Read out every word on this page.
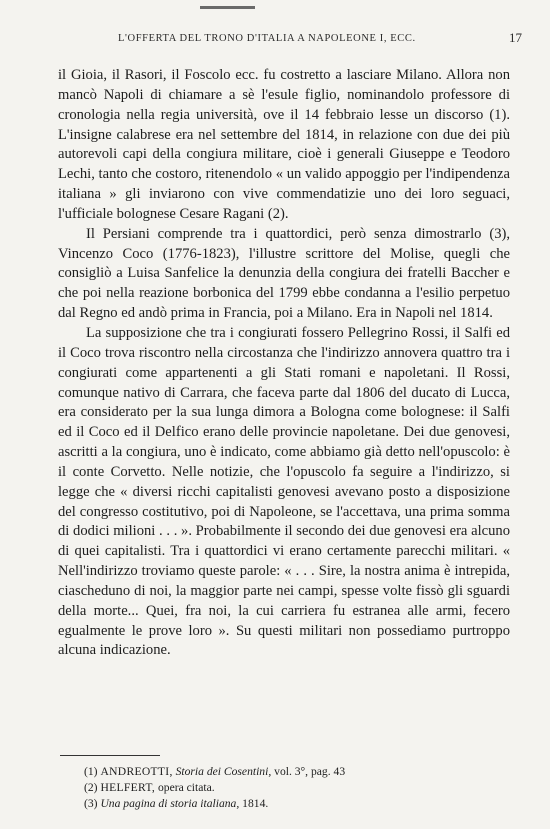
L'OFFERTA DEL TRONO D'ITALIA A NAPOLEONE I, ECC.	17

il Gioia, il Rasori, il Foscolo ecc. fu costretto a lasciare Milano. Allora non mancò Napoli di chiamare a sè l'esule figlio, nominandolo professore di cronologia nella regia università, ove il 14 febbraio lesse un discorso (1). L'insigne calabrese era nel settembre del 1814, in relazione con due dei più autorevoli capi della congiura militare, cioè i generali Giuseppe e Teodoro Lechi, tanto che costoro, ritenendolo « un valido appoggio per l'indipendenza italiana » gli inviarono con vive commendatizie uno dei loro seguaci, l'ufficiale bolognese Cesare Ragani (2).

Il Persiani comprende tra i quattordici, però senza dimostrarlo (3), Vincenzo Coco (1776-1823), l'illustre scrittore del Molise, quegli che consigliò a Luisa Sanfelice la denunzia della congiura dei fratelli Baccher e che poi nella reazione borbonica del 1799 ebbe condanna a l'esilio perpetuo dal Regno ed andò prima in Francia, poi a Milano. Era in Napoli nel 1814.

La supposizione che tra i congiurati fossero Pellegrino Rossi, il Salfi ed il Coco trova riscontro nella circostanza che l'indirizzo annovera quattro tra i congiurati come appartenenti a gli Stati romani e napoletani. Il Rossi, comunque nativo di Carrara, che faceva parte dal 1806 del ducato di Lucca, era considerato per la sua lunga dimora a Bologna come bolognese: il Salfi ed il Coco ed il Delfico erano delle provincie napoletane. Dei due genovesi, ascritti a la congiura, uno è indicato, come abbiamo già detto nell'opuscolo: è il conte Corvetto. Nelle notizie, che l'opuscolo fa seguire a l'indirizzo, si legge che « diversi ricchi capitalisti genovesi avevano posto a disposizione del congresso costitutivo, poi di Napoleone, se l'accettava, una prima somma di dodici milioni . . . ». Probabilmente il secondo dei due genovesi era alcuno di quei capitalisti. Tra i quattordici vi erano certamente parecchi militari. « Nell'indirizzo troviamo queste parole: « . . . Sire, la nostra anima è intrepida, ciascheduno di noi, la maggior parte nei campi, spesse volte fissò gli sguardi della morte... Quei, fra noi, la cui carriera fu estranea alle armi, fecero egualmente le prove loro ». Su questi militari non possediamo purtroppo alcuna indicazione.

(1) ANDREOTTI, Storia dei Cosentini, vol. 3°, pag. 43
(2) HELFERT, opera citata.
(3) Una pagina di storia italiana, 1814.
